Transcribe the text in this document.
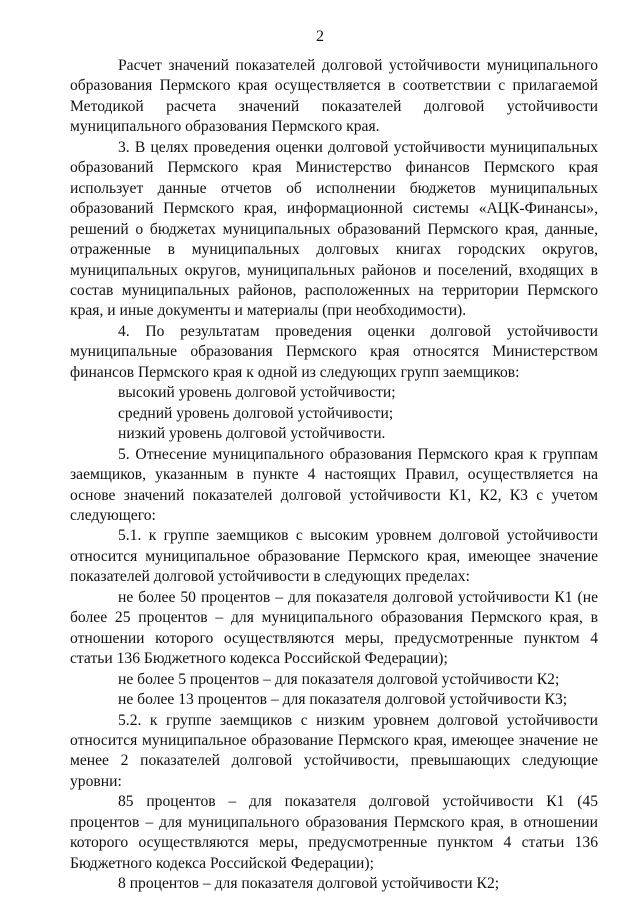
2

Расчет значений показателей долговой устойчивости муниципального образования Пермского края осуществляется в соответствии с прилагаемой Методикой расчета значений показателей долговой устойчивости муниципального образования Пермского края.

3. В целях проведения оценки долговой устойчивости муниципальных образований Пермского края Министерство финансов Пермского края использует данные отчетов об исполнении бюджетов муниципальных образований Пермского края, информационной системы «АЦК-Финансы», решений о бюджетах муниципальных образований Пермского края, данные, отраженные в муниципальных долговых книгах городских округов, муниципальных округов, муниципальных районов и поселений, входящих в состав муниципальных районов, расположенных на территории Пермского края, и иные документы и материалы (при необходимости).

4. По результатам проведения оценки долговой устойчивости муниципальные образования Пермского края относятся Министерством финансов Пермского края к одной из следующих групп заемщиков:

высокий уровень долговой устойчивости;

средний уровень долговой устойчивости;

низкий уровень долговой устойчивости.

5. Отнесение муниципального образования Пермского края к группам заемщиков, указанным в пункте 4 настоящих Правил, осуществляется на основе значений показателей долговой устойчивости К1, К2, К3 с учетом следующего:

5.1. к группе заемщиков с высоким уровнем долговой устойчивости относится муниципальное образование Пермского края, имеющее значение показателей долговой устойчивости в следующих пределах:

не более 50 процентов – для показателя долговой устойчивости К1 (не более 25 процентов – для муниципального образования Пермского края, в отношении которого осуществляются меры, предусмотренные пунктом 4 статьи 136 Бюджетного кодекса Российской Федерации);

не более 5 процентов – для показателя долговой устойчивости К2;

не более 13 процентов – для показателя долговой устойчивости К3;

5.2. к группе заемщиков с низким уровнем долговой устойчивости относится муниципальное образование Пермского края, имеющее значение не менее 2 показателей долговой устойчивости, превышающих следующие уровни:

85 процентов – для показателя долговой устойчивости К1 (45 процентов – для муниципального образования Пермского края, в отношении которого осуществляются меры, предусмотренные пунктом 4 статьи 136 Бюджетного кодекса Российской Федерации);

8 процентов – для показателя долговой устойчивости К2;
